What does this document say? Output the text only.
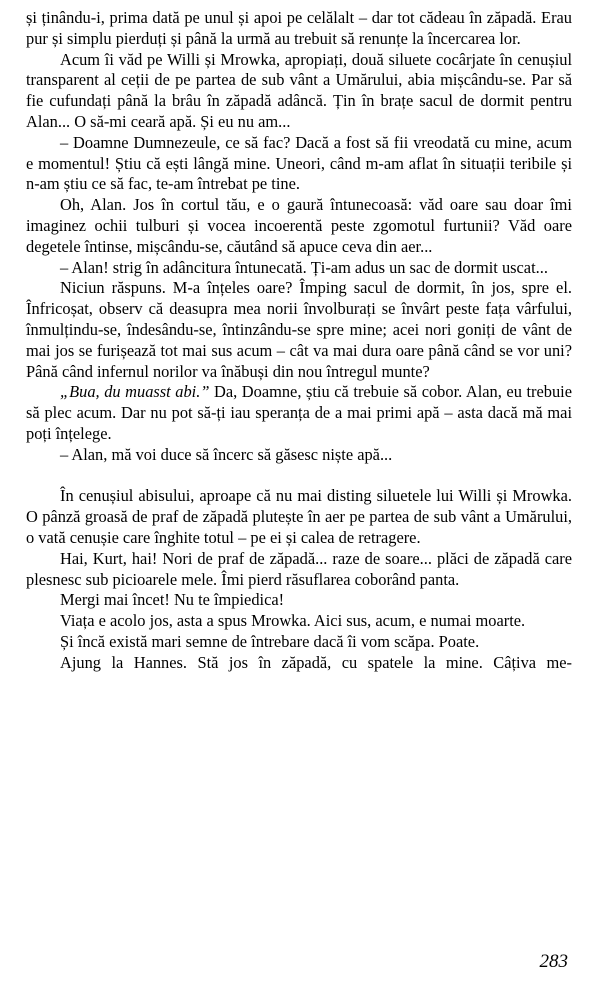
și ținându-i, prima dată pe unul și apoi pe celălalt – dar tot cădeau în zăpadă. Erau pur și simplu pierduți și până la urmă au trebuit să renunțe la încercarea lor.

Acum îi văd pe Willi și Mrowka, apropiați, două siluete cocârjate în cenușiul transparent al ceții de pe partea de sub vânt a Umărului, abia mișcându-se. Par să fie cufundați până la brâu în zăpadă adâncă. Țin în brațe sacul de dormit pentru Alan... O să-mi ceară apă. Și eu nu am...

– Doamne Dumnezeule, ce să fac? Dacă a fost să fii vreodată cu mine, acum e momentul! Știu că ești lângă mine. Uneori, când m-am aflat în situații teribile și n-am știu ce să fac, te-am întrebat pe tine.

Oh, Alan. Jos în cortul tău, e o gaură întunecoasă: văd oare sau doar îmi imaginez ochii tulburi și vocea incoerentă peste zgomotul furtunii? Văd oare degetele întinse, mișcându-se, căutând să apuce ceva din aer...

– Alan! strig în adâncitura întunecată. Ți-am adus un sac de dormit uscat...

Niciun răspuns. M-a înțeles oare? Împing sacul de dormit, în jos, spre el. Înfricoșat, observ că deasupra mea norii învolburați se învârt peste fața vârfului, înmulțindu-se, îndesându-se, întinzându-se spre mine; acei nori goniți de vânt de mai jos se furișează tot mai sus acum – cât va mai dura oare până când se vor uni? Până când infernul norilor va înăbuși din nou întregul munte?

„Bua, du muasst abi.” Da, Doamne, știu că trebuie să cobor. Alan, eu trebuie să plec acum. Dar nu pot să-ți iau speranța de a mai primi apă – asta dacă mă mai poți înțelege.

– Alan, mă voi duce să încerc să găsesc niște apă...

În cenușiul abisului, aproape că nu mai disting siluetele lui Willi și Mrowka. O pânză groasă de praf de zăpadă plutește în aer pe partea de sub vânt a Umărului, o vată cenușie care înghite totul – pe ei și calea de retragere.

Hai, Kurt, hai! Nori de praf de zăpadă... raze de soare... plăci de zăpadă care plesnesc sub picioarele mele. Îmi pierd răsuflarea coborând panta.

Mergi mai încet! Nu te împiedica!

Viața e acolo jos, asta a spus Mrowka. Aici sus, acum, e numai moarte.

Și încă există mari semne de întrebare dacă îi vom scăpa. Poate.

Ajung la Hannes. Stă jos în zăpadă, cu spatele la mine. Câțiva me-

283
